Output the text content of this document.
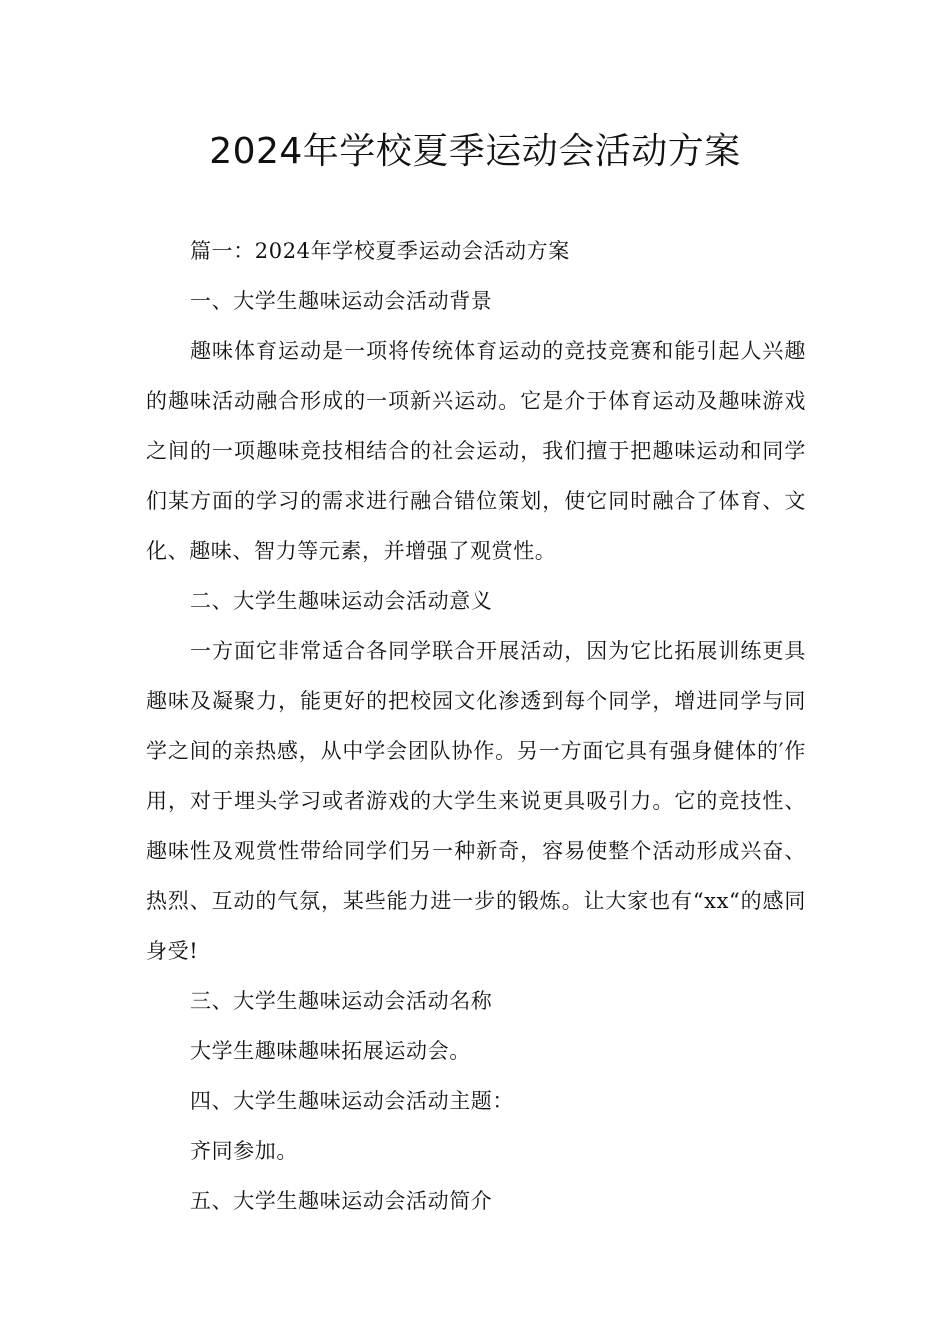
2024年学校夏季运动会活动方案

篇一：2024年学校夏季运动会活动方案

一、大学生趣味运动会活动背景

趣味体育运动是一项将传统体育运动的竞技竞赛和能引起人兴趣的趣味活动融合形成的一项新兴运动。它是介于体育运动及趣味游戏之间的一项趣味竞技相结合的社会运动，我们擅于把趣味运动和同学们某方面的学习的需求进行融合错位策划，使它同时融合了体育、文化、趣味、智力等元素，并增强了观赏性。

二、大学生趣味运动会活动意义

一方面它非常适合各同学联合开展活动，因为它比拓展训练更具趣味及凝聚力，能更好的把校园文化渗透到每个同学，增进同学与同学之间的亲热感，从中学会团队协作。另一方面它具有强身健体的′作用，对于埋头学习或者游戏的大学生来说更具吸引力。它的竞技性、趣味性及观赏性带给同学们另一种新奇，容易使整个活动形成兴奋、热烈、互动的气氛，某些能力进一步的锻炼。让大家也有“xx“的感同身受!

三、大学生趣味运动会活动名称

大学生趣味趣味拓展运动会。

四、大学生趣味运动会活动主题：

齐同参加。

五、大学生趣味运动会活动简介
